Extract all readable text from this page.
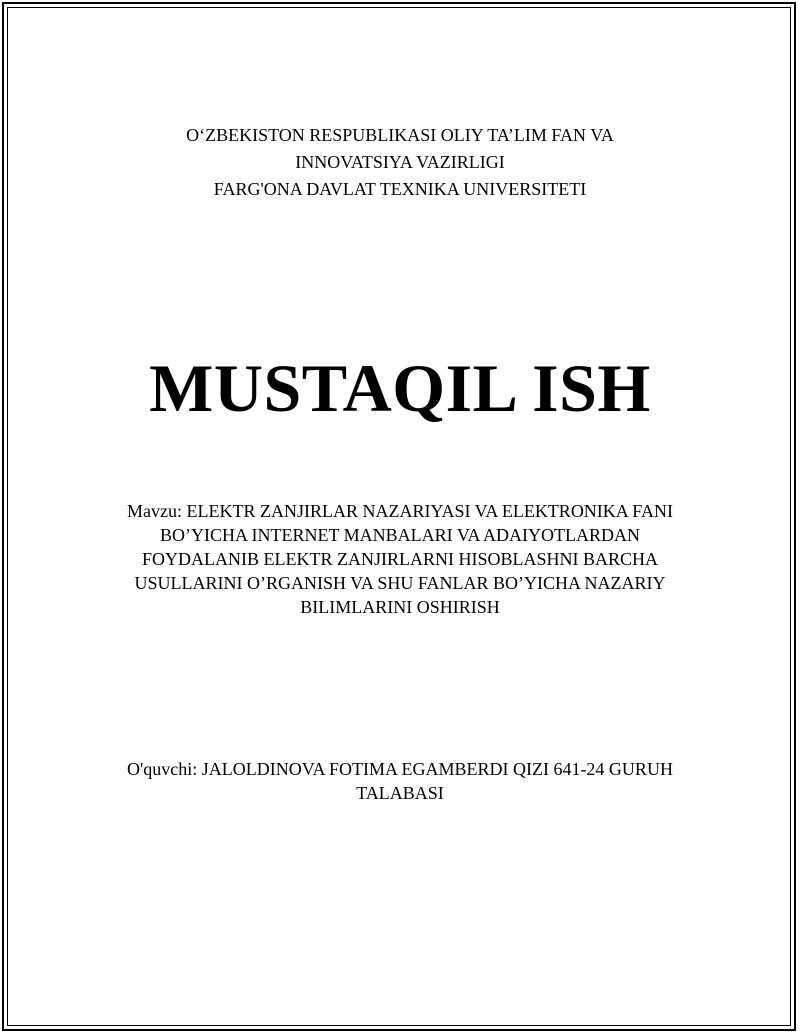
O‘ZBEKISTON RESPUBLIKASI OLIY TA’LIM FAN VA
INNOVATSIYA VAZIRLIGI
FARG'ONA DAVLAT TEXNIKA UNIVERSITETI
MUSTAQIL ISH
Mavzu: ELEKTR ZANJIRLAR NAZARIYASI VA ELEKTRONIKA FANI BO’YICHA INTERNET MANBALARI VA ADAIYOTLARDAN FOYDALANIB ELEKTR ZANJIRLARNI HISOBLASHNI BARCHA USULLARINI O’RGANISH VA SHU FANLAR BO’YICHA NAZARIY BILIMLARINI OSHIRISH
O'quvchi: JALOLDINOVA FOTIMA EGAMBERDI QIZI 641-24 GURUH TALABASI
